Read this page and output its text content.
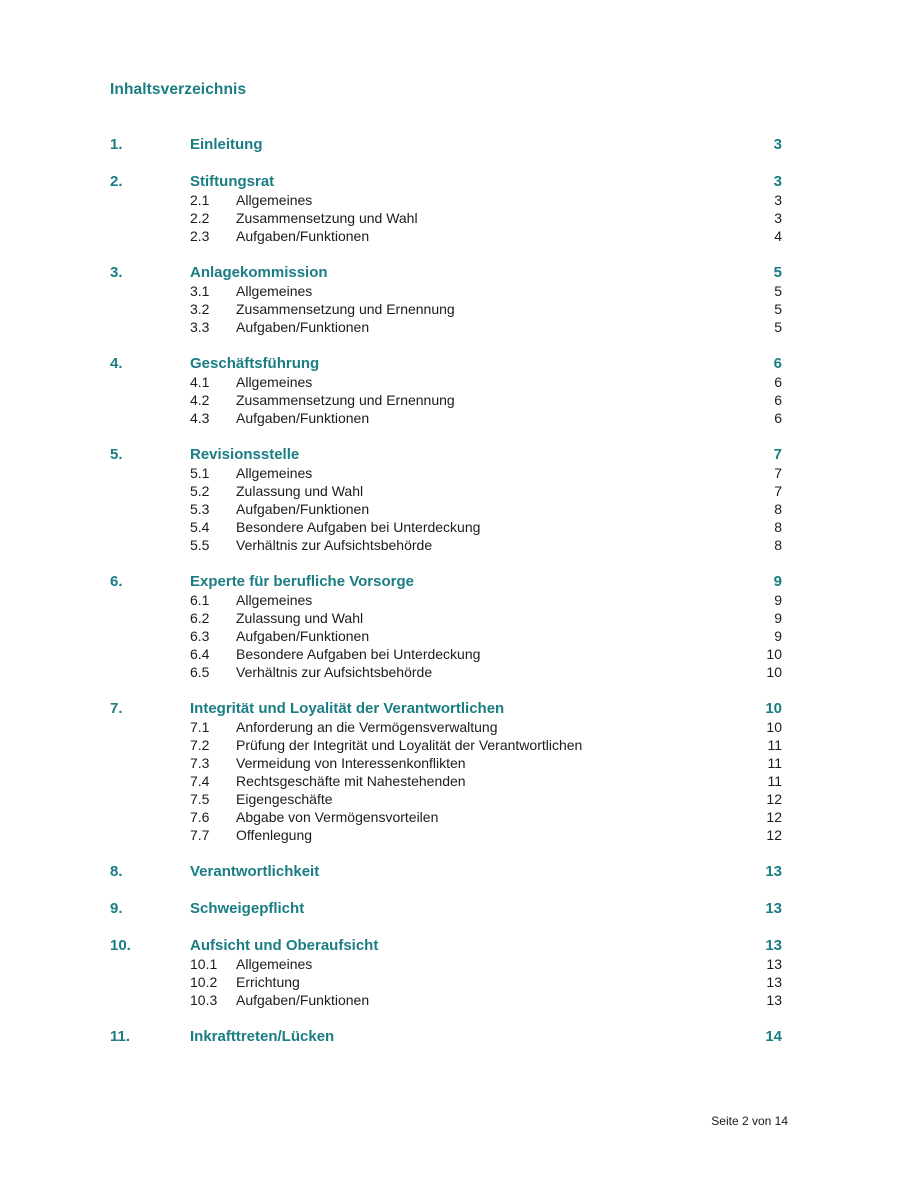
Inhaltsverzeichnis
1.	Einleitung	3
2.	Stiftungsrat	3
2.1	Allgemeines	3
2.2	Zusammensetzung und Wahl	3
2.3	Aufgaben/Funktionen	4
3.	Anlagekommission	5
3.1	Allgemeines	5
3.2	Zusammensetzung und Ernennung	5
3.3	Aufgaben/Funktionen	5
4.	Geschäftsführung	6
4.1	Allgemeines	6
4.2	Zusammensetzung und Ernennung	6
4.3	Aufgaben/Funktionen	6
5.	Revisionsstelle	7
5.1	Allgemeines	7
5.2	Zulassung und Wahl	7
5.3	Aufgaben/Funktionen	8
5.4	Besondere Aufgaben bei Unterdeckung	8
5.5	Verhältnis zur Aufsichtsbehörde	8
6.	Experte für berufliche Vorsorge	9
6.1	Allgemeines	9
6.2	Zulassung und Wahl	9
6.3	Aufgaben/Funktionen	9
6.4	Besondere Aufgaben bei Unterdeckung	10
6.5	Verhältnis zur Aufsichtsbehörde	10
7.	Integrität und Loyalität der Verantwortlichen	10
7.1	Anforderung an die Vermögensverwaltung	10
7.2	Prüfung der Integrität und Loyalität der Verantwortlichen	11
7.3	Vermeidung von Interessenkonflikten	11
7.4	Rechtsgeschäfte mit Nahestehenden	11
7.5	Eigengeschäfte	12
7.6	Abgabe von Vermögensvorteilen	12
7.7	Offenlegung	12
8.	Verantwortlichkeit	13
9.	Schweigepflicht	13
10.	Aufsicht und Oberaufsicht	13
10.1	Allgemeines	13
10.2	Errichtung	13
10.3	Aufgaben/Funktionen	13
11.	Inkrafttreten/Lücken	14
Seite 2 von 14
